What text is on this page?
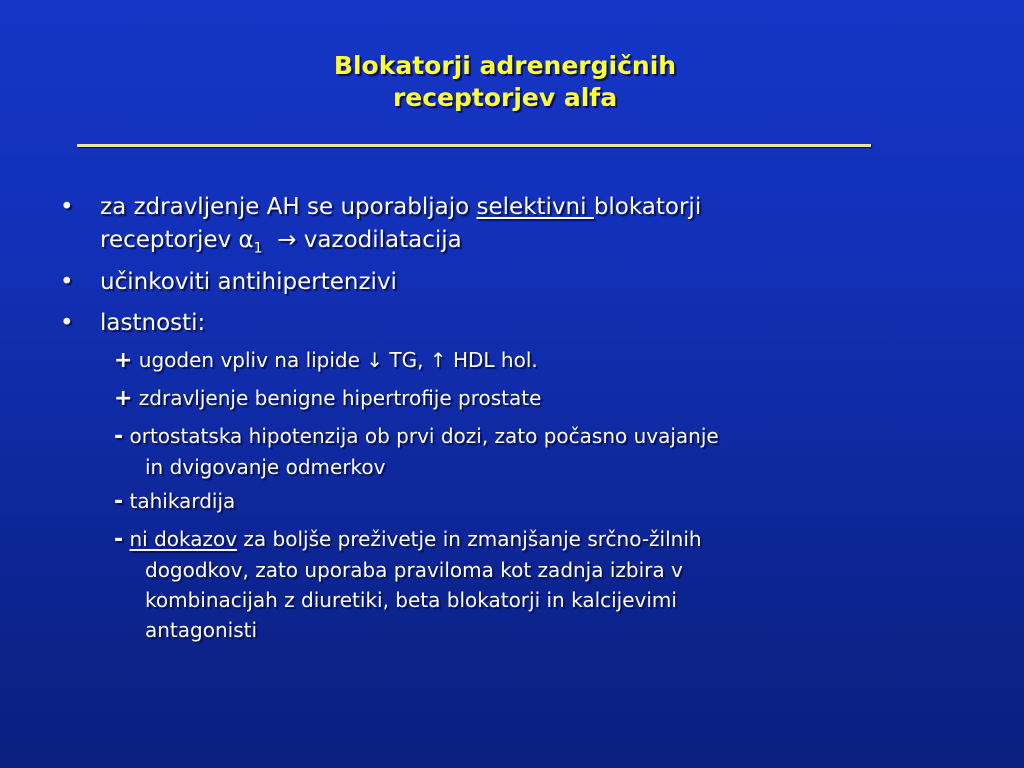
Blokatorji adrenergičnih
receptorjev alfa
•	za zdravljenje AH se uporabljajo selektivni blokatorji
receptorjev $\alpha_1$ → vazodilatacija
•	učinkoviti antihipertenzivi
•	lastnosti:
+ ugoden vpliv na lipide ↓ TG, ↑ HDL hol.
+ zdravljenje benigne hipertrofije prostate
- ortostatska hipotenzija ob prvi dozi, zato počasno uvajanje
in dvigovanje odmerkov
- tahikardija
- ni dokazov za boljše preživetje in zmanjšanje srčno-žilnih
dogodkov, zato uporaba praviloma kot zadnja izbira v
kombinacijah z diuretiki, beta blokatorji in kalcijevimi
antagonisti
